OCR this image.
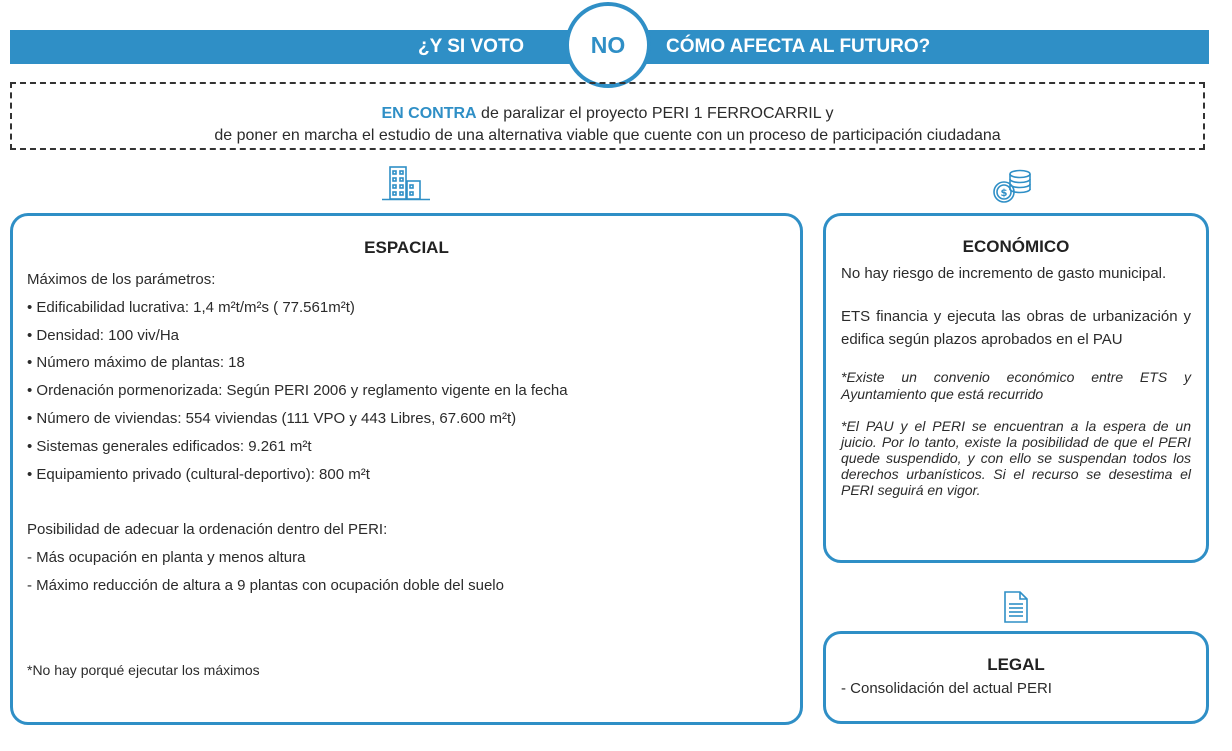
¿Y SI VOTO	CÓMO AFECTA AL FUTURO?
NO
EN CONTRA de paralizar el proyecto PERI 1 FERROCARRIL y
de poner en marcha el estudio de una alternativa viable que cuente con un proceso de participación ciudadana
$
ESPACIAL
Máximos de los parámetros:
• Edificabilidad lucrativa: 1,4 m²t/m²s ( 77.561m²t)
• Densidad: 100 viv/Ha
• Número máximo de plantas: 18
• Ordenación pormenorizada: Según PERI 2006 y reglamento vigente en la fecha
• Número de viviendas: 554 viviendas (111 VPO y 443 Libres, 67.600 m²t)
• Sistemas generales edificados: 9.261 m²t
• Equipamiento privado (cultural-deportivo): 800 m²t
Posibilidad de adecuar la ordenación dentro del PERI:
- Más ocupación en planta y menos altura
- Máximo reducción de altura a 9 plantas con ocupación doble del suelo
*No hay porqué ejecutar los máximos
ECONÓMICO

No hay riesgo de incremento de gasto municipal.

ETS financia y ejecuta las obras de urbanización y edifica según plazos aprobados en el PAU

*Existe un convenio económico entre ETS y Ayuntamiento que está recurrido

*El PAU y el PERI se encuentran a la espera de un juicio. Por lo tanto, existe la posibilidad de que el PERI quede suspendido, y con ello se suspendan todos los derechos urbanísticos. Si el recurso se desestima el PERI seguirá en vigor.

LEGAL
- Consolidación del actual PERI
